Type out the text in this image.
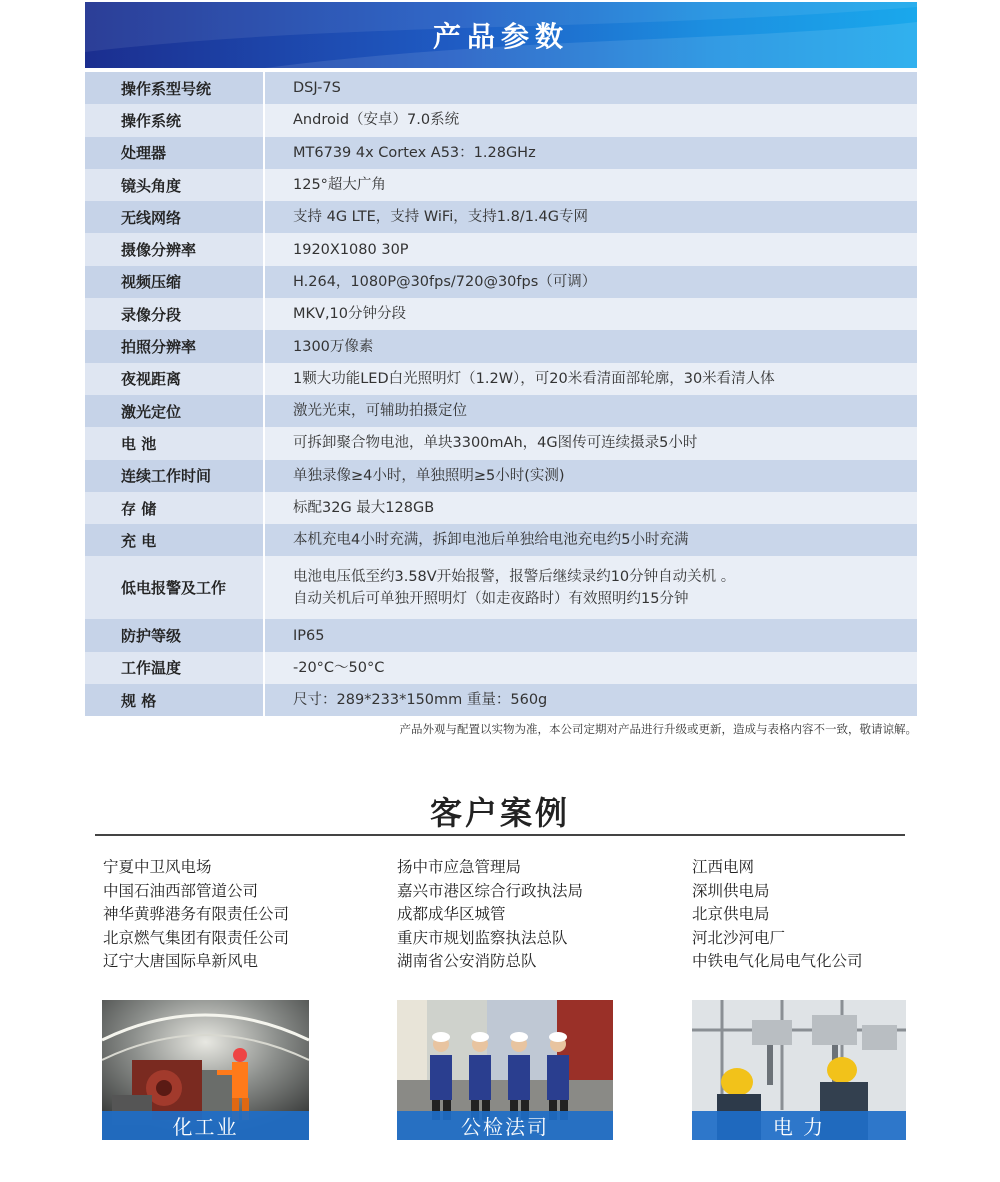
产品参数
操作系型号统	DSJ-7S
操作系统	Android（安卓）7.0系统
处理器	MT6739 4x Cortex A53：1.28GHz
镜头角度	125°超大广角
无线网络	支持 4G LTE，支持 WiFi，支持1.8/1.4G专网
摄像分辨率	1920X1080 30P
视频压缩	H.264，1080P@30fps/720@30fps（可调）
录像分段	MKV,10分钟分段
拍照分辨率	1300万像素
夜视距离	1颗大功能LED白光照明灯（1.2W），可20米看清面部轮廓，30米看清人体
激光定位	激光光束，可辅助拍摄定位
电 池	可拆卸聚合物电池，单块3300mAh，4G图传可连续摄录5小时
连续工作时间	单独录像≥4小时，单独照明≥5小时(实测)
存 储	标配32G 最大128GB
充 电	本机充电4小时充满，拆卸电池后单独给电池充电约5小时充满
低电报警及工作
电池电压低至约3.58V开始报警，报警后继续录约10分钟自动关机 。
自动关机后可单独开照明灯（如走夜路时）有效照明约15分钟
防护等级	IP65
工作温度	-20°C～50°C
规 格	尺寸：289*233*150mm 重量：560g
产品外观与配置以实物为准，本公司定期对产品进行升级或更新，造成与表格内容不一致，敬请谅解。
客户案例
宁夏中卫风电场
中国石油西部管道公司
神华黄骅港务有限责任公司
北京燃气集团有限责任公司
辽宁大唐国际阜新风电
扬中市应急管理局
嘉兴市港区综合行政执法局
成都成华区城管
重庆市规划监察执法总队
湖南省公安消防总队
江西电网
深圳供电局
北京供电局
河北沙河电厂
中铁电气化局电气化公司
化工业	公检法司	电 力
